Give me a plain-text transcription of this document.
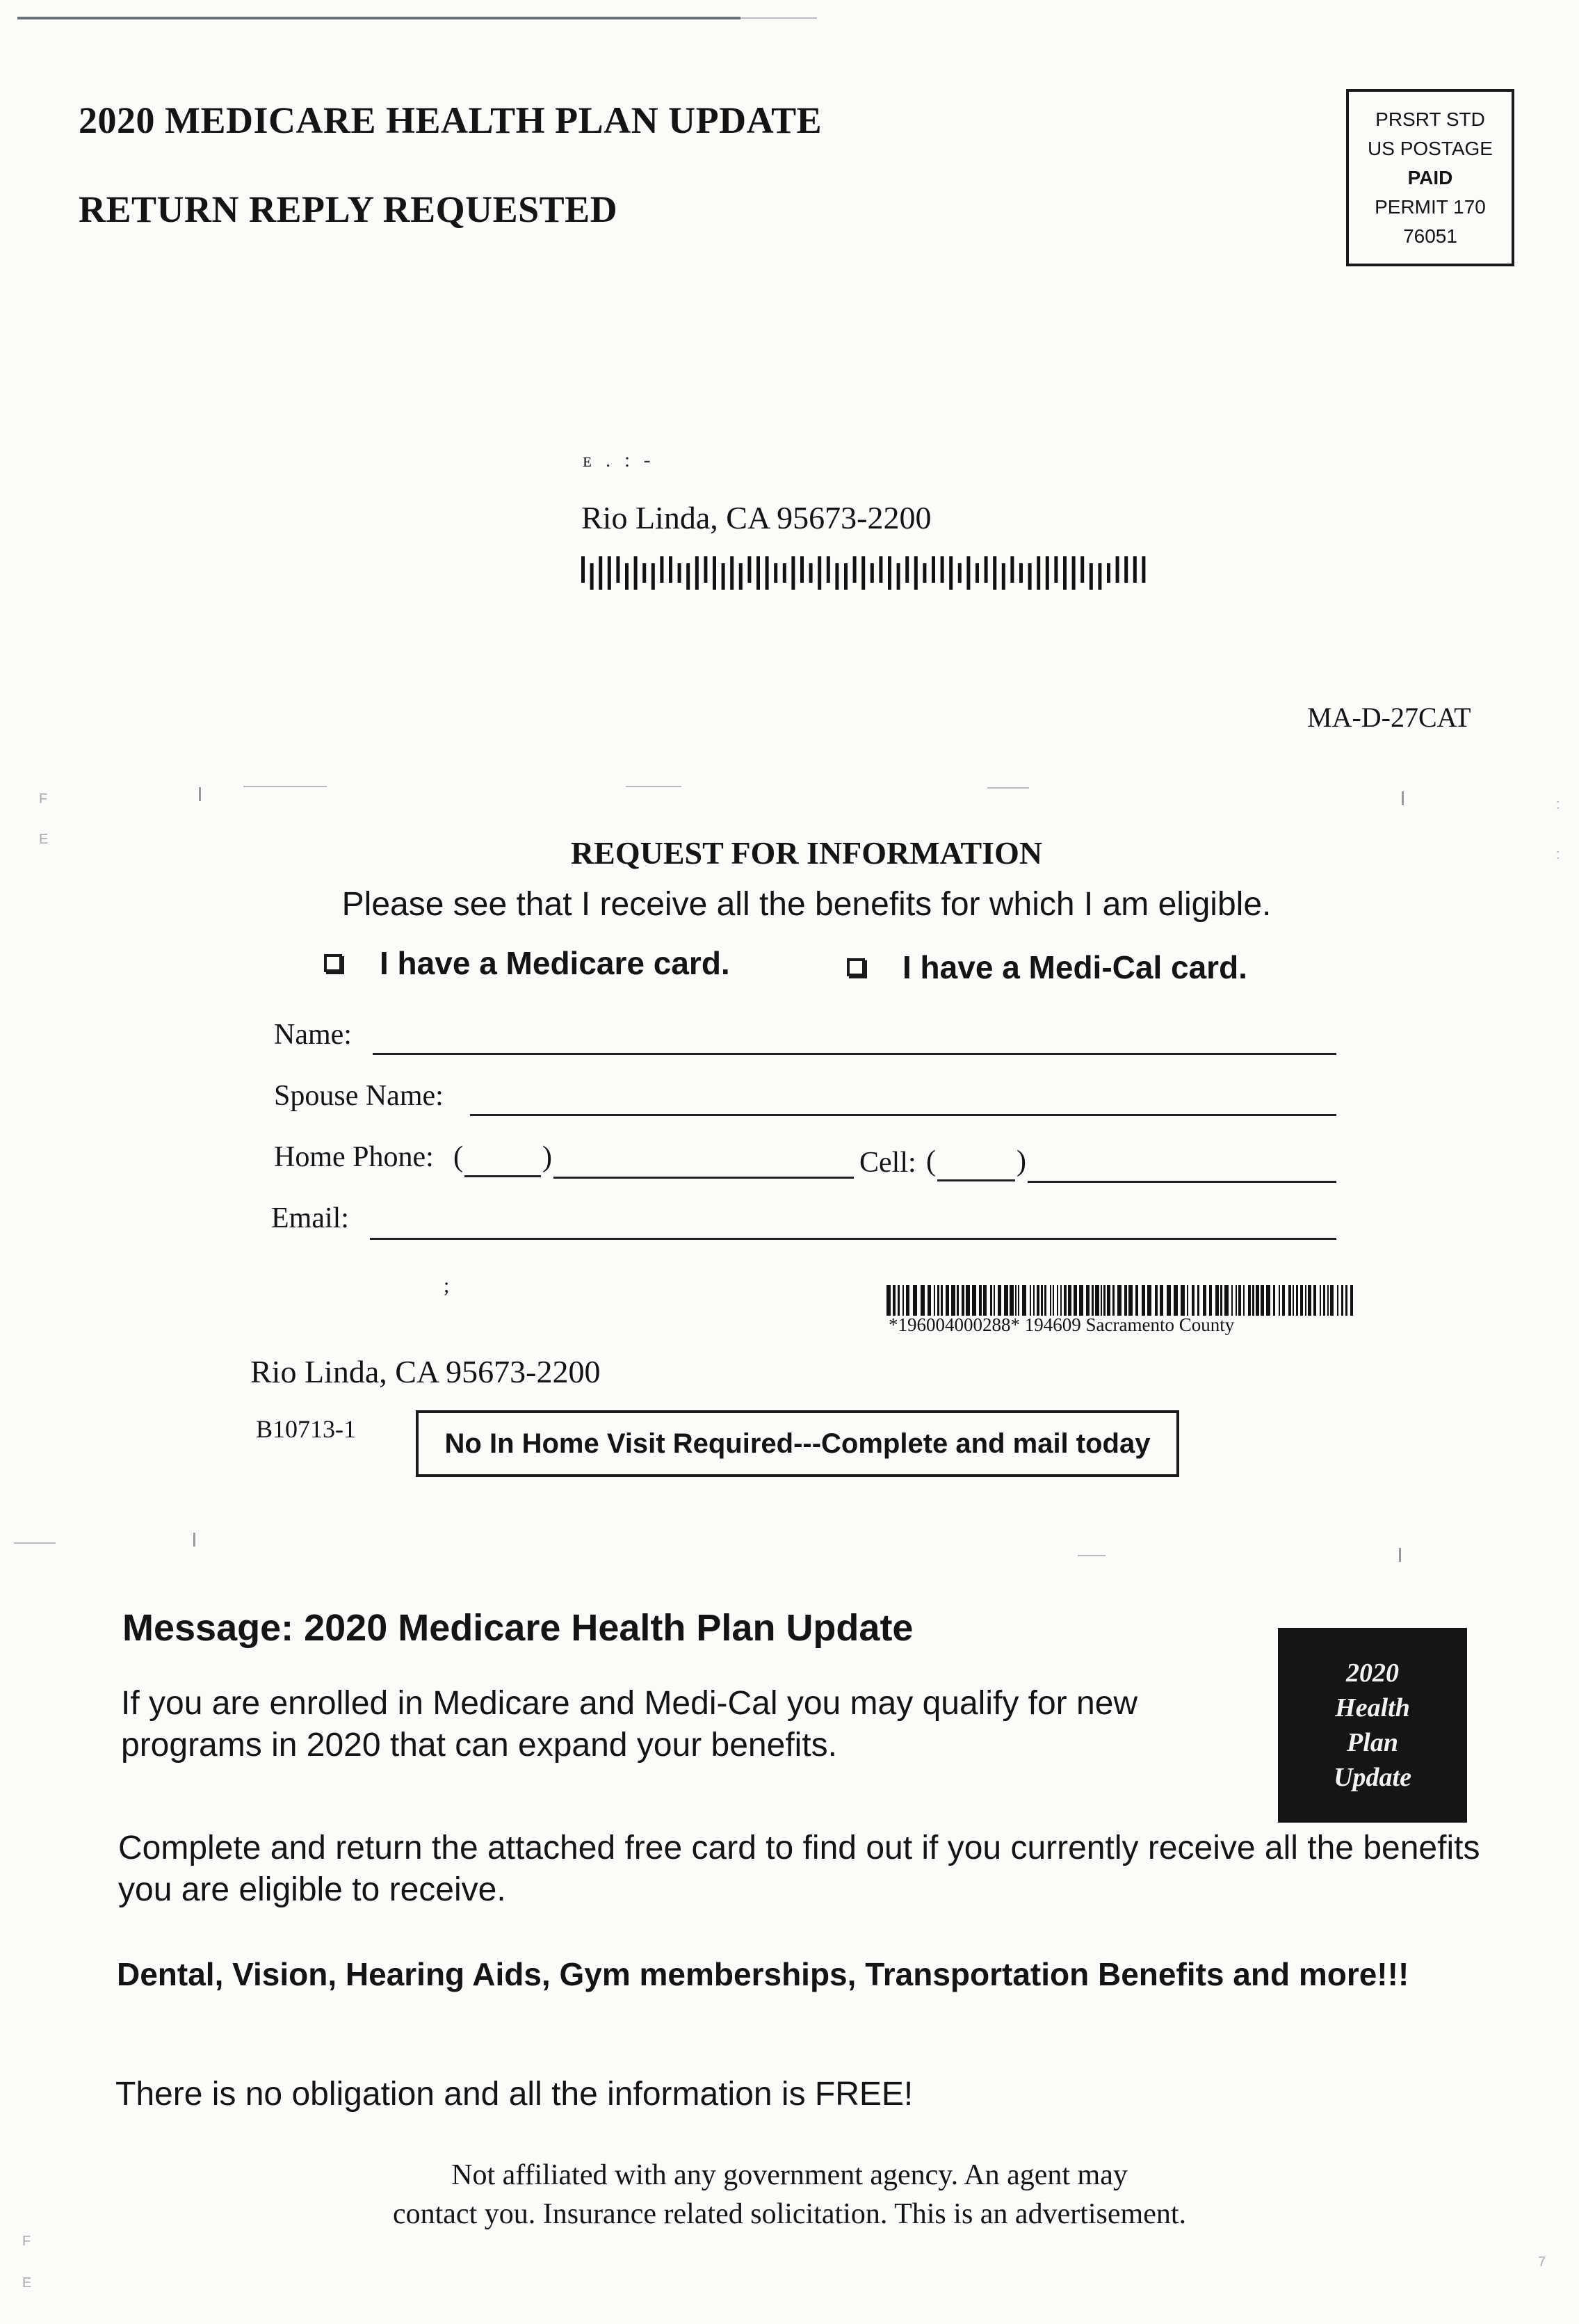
2020 MEDICARE HEALTH PLAN UPDATE
RETURN REPLY REQUESTED
PRSRT STD
US POSTAGE
PAID
PERMIT 170
76051
ᴇ . : -
Rio Linda, CA 95673-2200
MA-D-27CAT
F
E
:
:
F
E
7
REQUEST FOR INFORMATION
Please see that I receive all the benefits for which I am eligible.
I have a Medicare card.	I have a Medi-Cal card.
Name:
Spouse Name:
Home Phone: (	)	Cell: (	)
Email:
;
*196004000288* 194609 Sacramento County
Rio Linda, CA 95673-2200
B10713-1	No In Home Visit Required---Complete and mail today
Message: 2020 Medicare Health Plan Update
If you are enrolled in Medicare and Medi-Cal you may qualify for new programs in 2020 that can expand your benefits.
2020
Health
Plan
Update
Complete and return the attached free card to find out if you currently receive all the benefits you are eligible to receive.
Dental, Vision, Hearing Aids, Gym memberships, Transportation Benefits and more!!!
There is no obligation and all the information is FREE!
Not affiliated with any government agency. An agent may
contact you. Insurance related solicitation. This is an advertisement.
